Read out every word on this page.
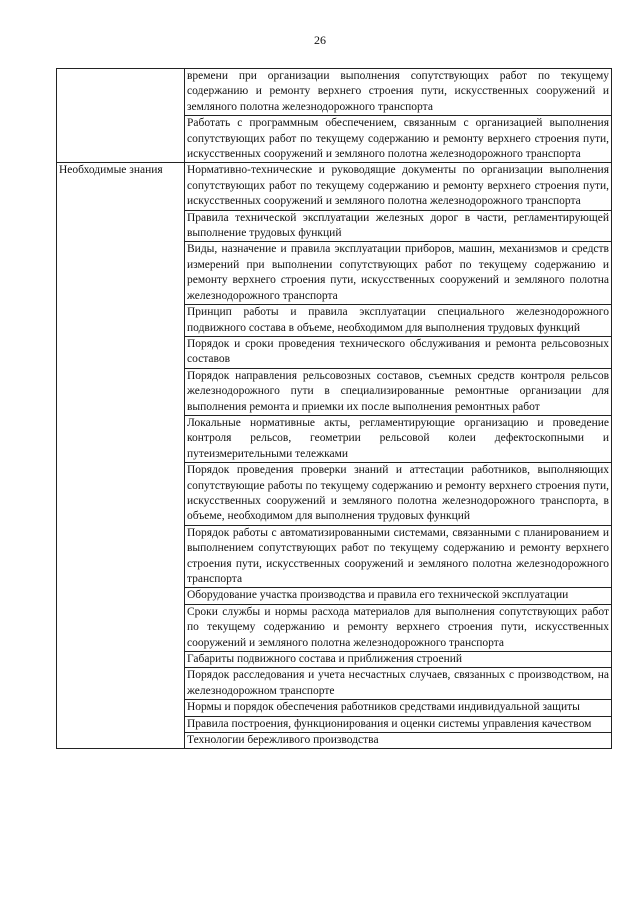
26
	времени при организации выполнения сопутствующих работ по текущему содержанию и ремонту верхнего строения пути, искусственных сооружений и земляного полотна железнодорожного транспорта
	Работать с программным обеспечением, связанным с организацией выполнения сопутствующих работ по текущему содержанию и ремонту верхнего строения пути, искусственных сооружений и земляного полотна железнодорожного транспорта
Необходимые знания	Нормативно-технические и руководящие документы по организации выполнения сопутствующих работ по текущему содержанию и ремонту верхнего строения пути, искусственных сооружений и земляного полотна железнодорожного транспорта
	Правила технической эксплуатации железных дорог в части, регламентирующей выполнение трудовых функций
	Виды, назначение и правила эксплуатации приборов, машин, механизмов и средств измерений при выполнении сопутствующих работ по текущему содержанию и ремонту верхнего строения пути, искусственных сооружений и земляного полотна железнодорожного транспорта
	Принцип работы и правила эксплуатации специального железнодорожного подвижного состава в объеме, необходимом для выполнения трудовых функций
	Порядок и сроки проведения технического обслуживания и ремонта рельсовозных составов
	Порядок направления рельсовозных составов, съемных средств контроля рельсов железнодорожного пути в специализированные ремонтные организации для выполнения ремонта и приемки их после выполнения ремонтных работ
	Локальные нормативные акты, регламентирующие организацию и проведение контроля рельсов, геометрии рельсовой колеи дефектоскопными и путеизмерительными тележками
	Порядок проведения проверки знаний и аттестации работников, выполняющих сопутствующие работы по текущему содержанию и ремонту верхнего строения пути, искусственных сооружений и земляного полотна железнодорожного транспорта, в объеме, необходимом для выполнения трудовых функций
	Порядок работы с автоматизированными системами, связанными с планированием и выполнением сопутствующих работ по текущему содержанию и ремонту верхнего строения пути, искусственных сооружений и земляного полотна железнодорожного транспорта
	Оборудование участка производства и правила его технической эксплуатации
	Сроки службы и нормы расхода материалов для выполнения сопутствующих работ по текущему содержанию и ремонту верхнего строения пути, искусственных сооружений и земляного полотна железнодорожного транспорта
	Габариты подвижного состава и приближения строений
	Порядок расследования и учета несчастных случаев, связанных с производством, на железнодорожном транспорте
	Нормы и порядок обеспечения работников средствами индивидуальной защиты
	Правила построения, функционирования и оценки системы управления качеством
	Технологии бережливого производства
